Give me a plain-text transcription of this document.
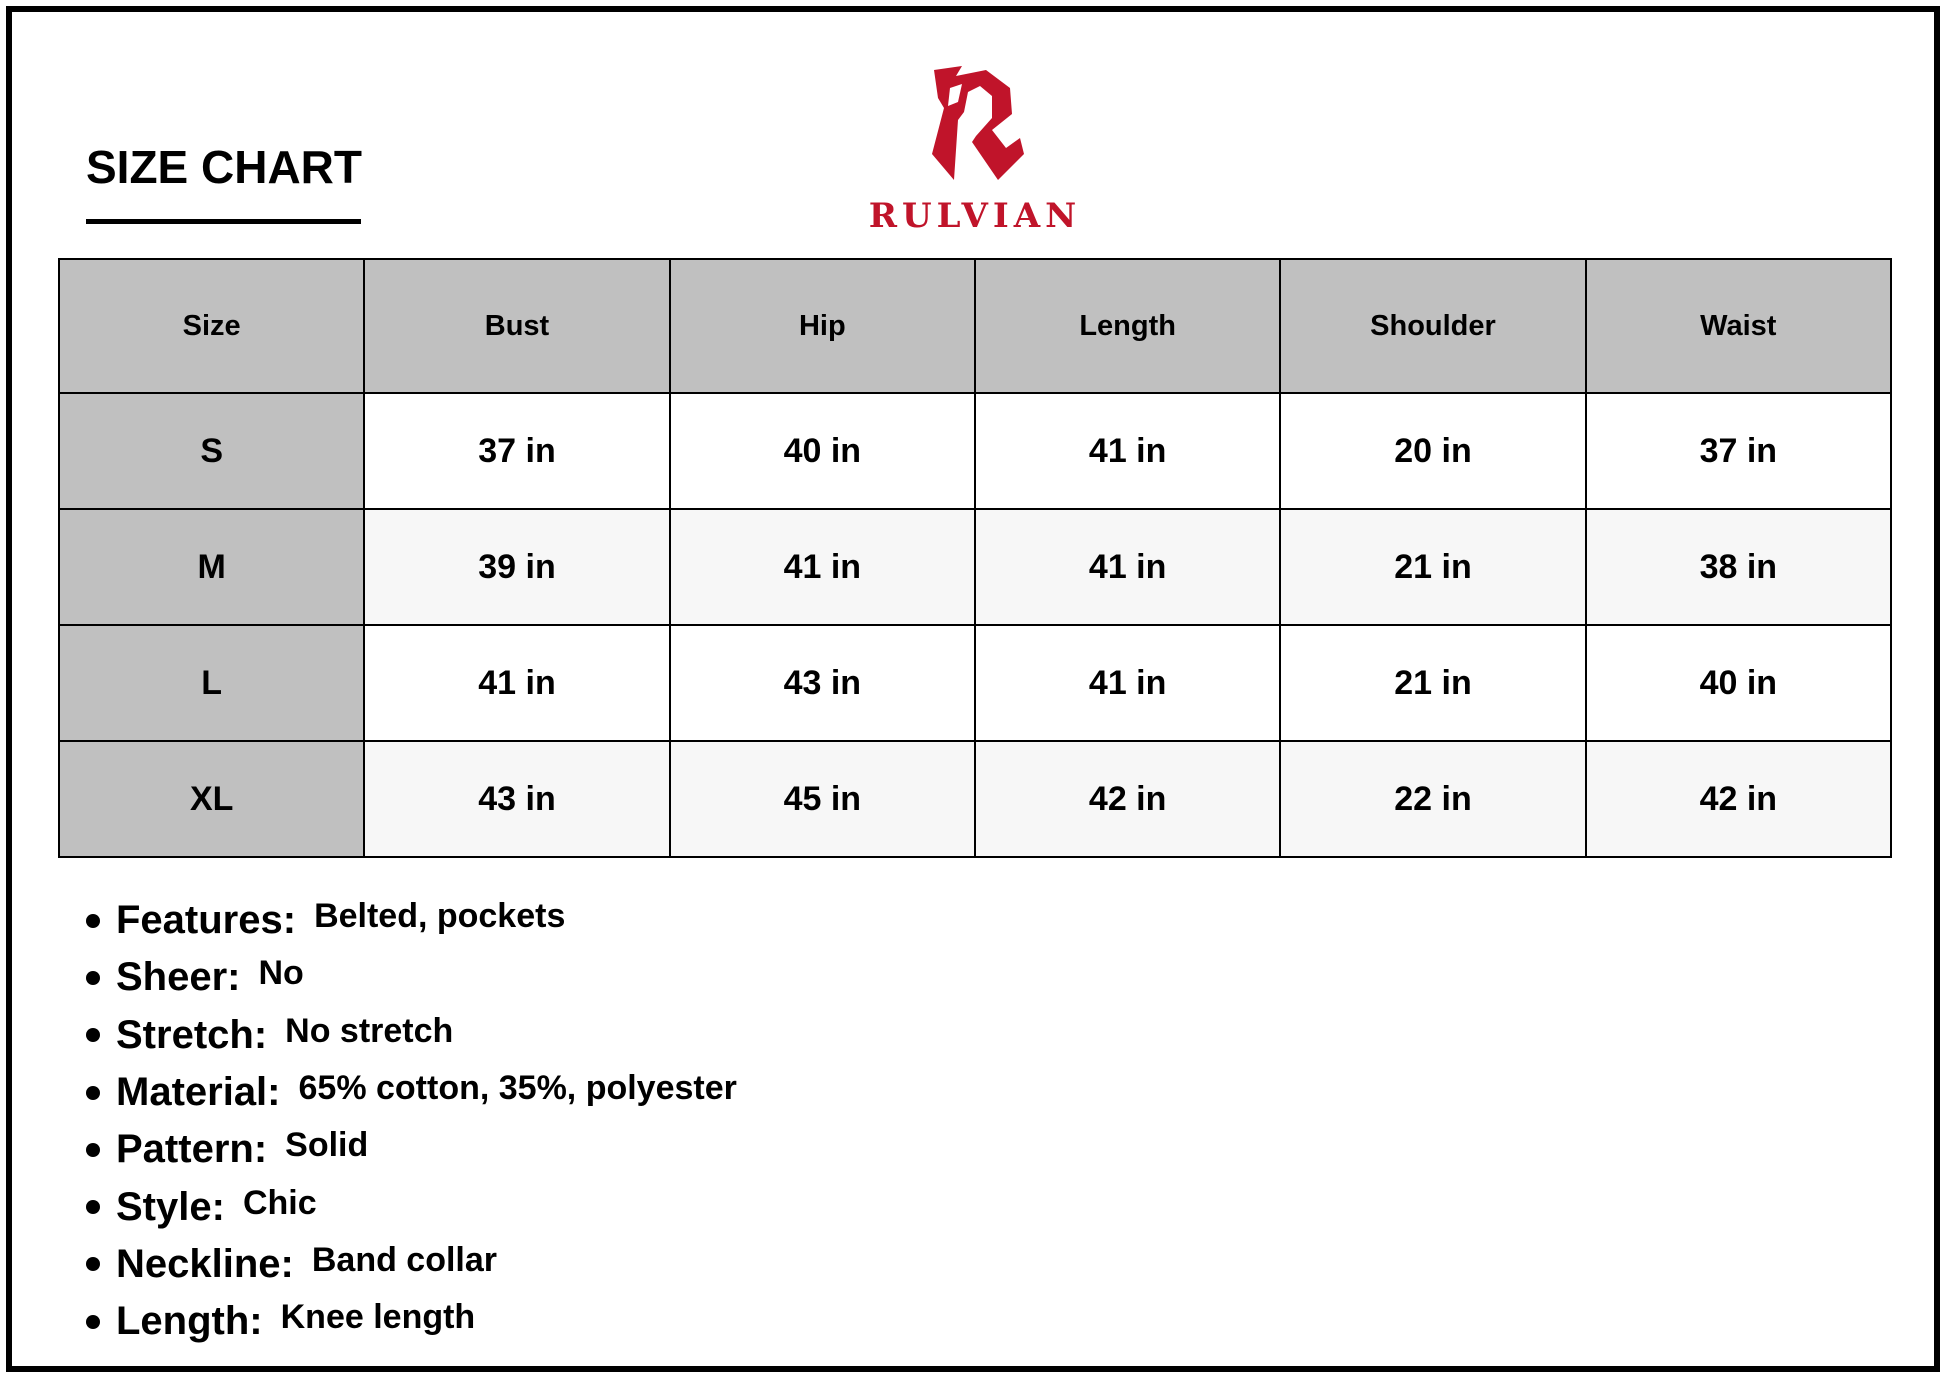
SIZE CHART
RULVIAN
Size	Bust	Hip	Length	Shoulder	Waist
S	37 in	40 in	41 in	20 in	37 in
M	39 in	41 in	41 in	21 in	38 in
L	41 in	43 in	41 in	21 in	40 in
XL	43 in	45 in	42 in	22 in	42 in
Features: Belted, pockets
Sheer: No
Stretch: No stretch
Material: 65% cotton, 35%, polyester
Pattern: Solid
Style: Chic
Neckline: Band collar
Length: Knee length
